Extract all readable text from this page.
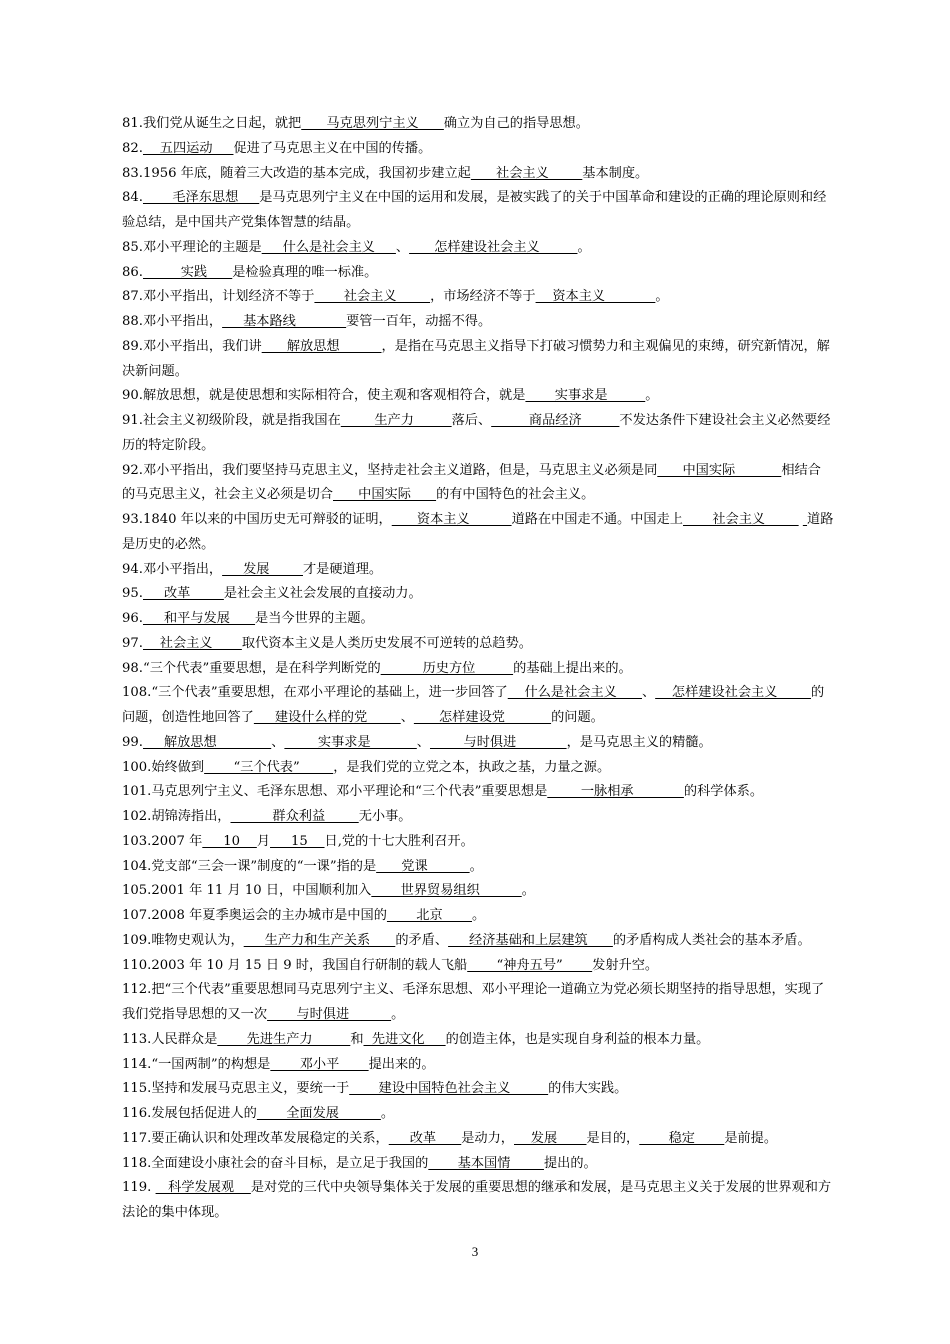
81.我们党从诞生之日起，就把      马克思列宁主义      确立为自己的指导思想。

82.    五四运动     促进了马克思主义在中国的传播。

83.1956 年底，随着三大改造的基本完成，我国初步建立起      社会主义        基本制度。

84.       毛泽东思想     是马克思列宁主义在中国的运用和发展，是被实践了的关于中国革命和建设的正确的理论原则和经验总结，是中国共产党集体智慧的结晶。

85.邓小平理论的主题是     什么是社会主义     、      怎样建设社会主义         。

86.         实践      是检验真理的唯一标准。

87.邓小平指出，计划经济不等于       社会主义        ，市场经济不等于    资本主义            。

88.邓小平指出，     基本路线            要管一百年，动摇不得。

89.邓小平指出，我们讲      解放思想          ，是指在马克思主义指导下打破习惯势力和主观偏见的束缚，研究新情况，解决新问题。

90.解放思想，就是使思想和实际相符合，使主观和客观相符合，就是       实事求是         。

91.社会主义初级阶段，就是指我国在        生产力         落后、         商品经济         不发达条件下建设社会主义必然要经历的特定阶段。

92.邓小平指出，我们要坚持马克思主义，坚持走社会主义道路，但是，马克思主义必须是同      中国实际           相结合的马克思主义，社会主义必须是切合      中国实际      的有中国特色的社会主义。

93.1840 年以来的中国历史无可辩驳的证明，      资本主义          道路在中国走不通。中国走上       社会主义          道路是历史的必然。

94.邓小平指出，     发展        才是硬道理。

95.     改革        是社会主义社会发展的直接动力。

96.     和平与发展      是当今世界的主题。

97.    社会主义       取代资本主义是人类历史发展不可逆转的总趋势。

98.“三个代表”重要思想，是在科学判断党的          历史方位         的基础上提出来的。

108.“三个代表”重要思想，在邓小平理论的基础上，进一步回答了    什么是社会主义      、    怎样建设社会主义        的问题，创造性地回答了     建设什么样的党        、      怎样建设党           的问题。

99.     解放思想             、        实事求是           、        与时俱进            ，是马克思主义的精髓。

100.始终做到       “三个代表”        ，是我们党的立党之本，执政之基，力量之源。

101.马克思列宁主义、毛泽东思想、邓小平理论和“三个代表”重要思想是        一脉相承            的科学体系。

102.胡锦涛指出，          群众利益        无小事。

103.2007 年     10    月     15    日,党的十七大胜利召开。

104.党支部“三会一课”制度的“一课”指的是      党课          。

105.2001 年 11 月 10 日，中国顺利加入       世界贸易组织          。

107.2008 年夏季奥运会的主办城市是中国的       北京       。

109.唯物史观认为，     生产力和生产关系      的矛盾、     经济基础和上层建筑      的矛盾构成人类社会的基本矛盾。

110.2003 年 10 月 15 日 9 时，我国自行研制的载人飞船       “神舟五号”       发射升空。

112.把“三个代表”重要思想同马克思列宁主义、毛泽东思想、邓小平理论一道确立为党必须长期坚持的指导思想，实现了我们党指导思想的又一次       与时俱进          。

113.人民群众是       先进生产力         和  先进文化     的创造主体，也是实现自身利益的根本力量。

114.“一国两制”的构想是       邓小平       提出来的。

115.坚持和发展马克思主义，要统一于       建设中国特色社会主义         的伟大实践。

116.发展包括促进人的       全面发展          。

117.要正确认识和处理改革发展稳定的关系，     改革      是动力，    发展       是目的，       稳定       是前提。

118.全面建设小康社会的奋斗目标，是立足于我国的       基本国情        提出的。

119.    科学发展观    是对党的三代中央领导集体关于发展的重要思想的继承和发展，是马克思主义关于发展的世界观和方法论的集中体现。

3
